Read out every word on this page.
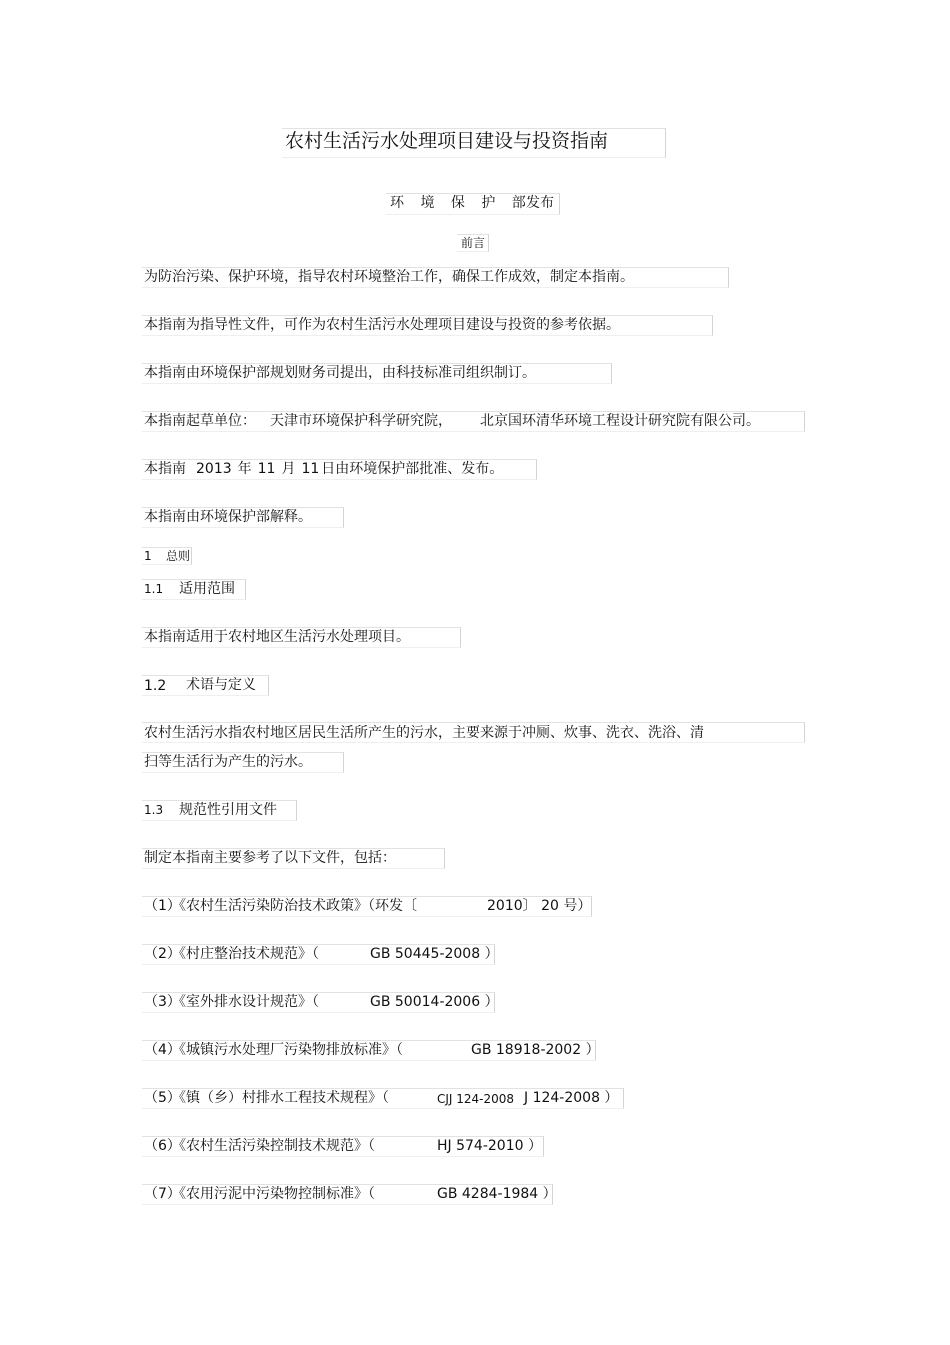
农村生活污水处理项目建设与投资指南
环 境 保 护 部
发布
前言
为防治污染、保护环境，指导农村环境整治工作，确保工作成效，制定本指南。
本指南为指导性文件，可作为农村生活污水处理项目建设与投资的参考依据。
本指南由环境保护部规划财务司提出，由科技标准司组织制订。
本指南起草单位： 天津市环境保护科学研究院， 北京国环清华环境工程设计研究院有限公司。
本指南 2013 年 11 月 11 日由环境保护部批准、发布。
本指南由环境保护部解释。
1 总则
1.1 适用范围
本指南适用于农村地区生活污水处理项目。
1.2 术语与定义
农村生活污水指农村地区居民生活所产生的污水，主要来源于冲厕、炊事、洗衣、洗浴、清
扫等生活行为产生的污水。
1.3 规范性引用文件
制定本指南主要参考了以下文件，包括：
（1）
《农村生活污染防治技术政策》（环发〔	2010〕 20 号）
（2）
《村庄整治技术规范》（	GB 50445-2008 ）
（3）
《室外排水设计规范》（	GB 50014-2006 ）
（4）
《城镇污水处理厂污染物排放标准》（	GB 18918-2002 ）
（5）
《镇（乡）村排水工程技术规程》（	CJJ 124-2008 J 124-2008 ）
（6）
《农村生活污染控制技术规范》（	HJ 574-2010 ）
（7）
《农用污泥中污染物控制标准》（	GB 4284-1984 ）
